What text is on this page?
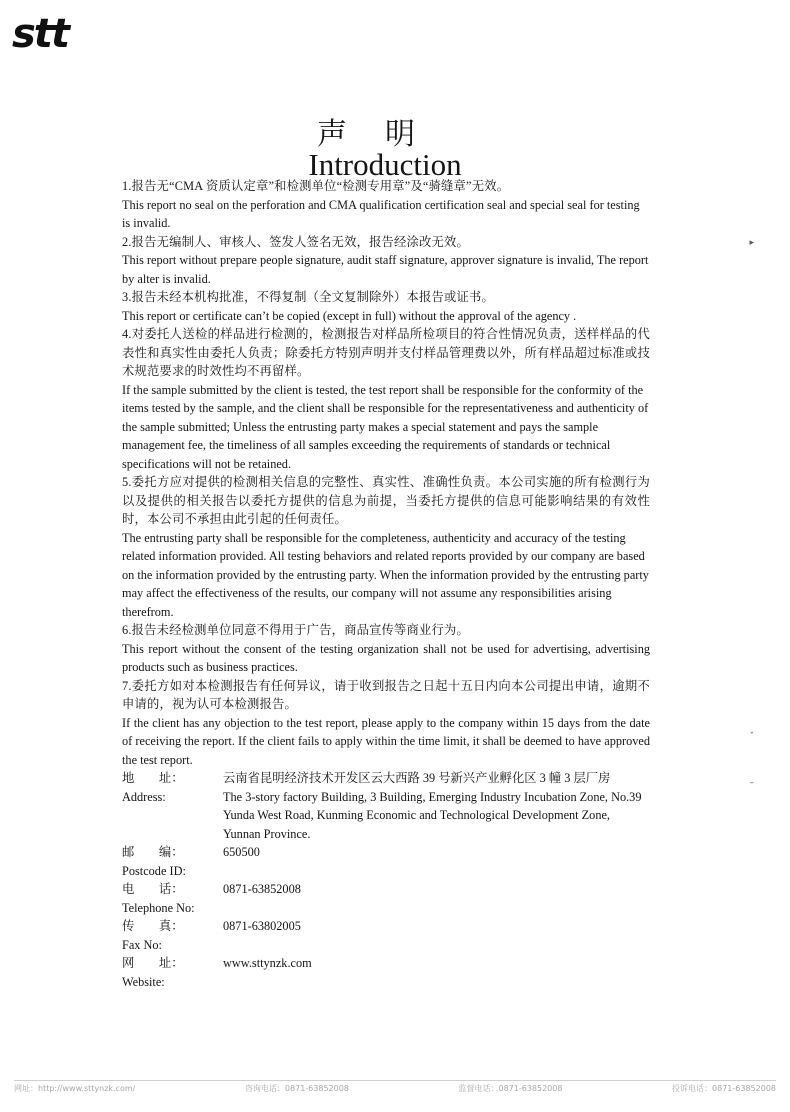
stt
声明
Introduction

1.报告无“CMA 资质认定章”和检测单位“检测专用章”及“骑缝章”无效。

This report no seal on the perforation and CMA qualification certification seal and special seal for testing is invalid.

2.报告无编制人、审核人、签发人签名无效，报告经涂改无效。

This report without prepare people signature, audit staff signature, approver signature is invalid, The report by alter is invalid.

3.报告未经本机构批准，不得复制（全文复制除外）本报告或证书。

This report or certificate can’t be copied (except in full) without the approval of the agency .

4.对委托人送检的样品进行检测的，检测报告对样品所检项目的符合性情况负责，送样样品的代表性和真实性由委托人负责；除委托方特别声明并支付样品管理费以外，所有样品超过标准或技术规范要求的时效性均不再留样。

If the sample submitted by the client is tested, the test report shall be responsible for the conformity of the items tested by the sample, and the client shall be responsible for the representativeness and authenticity of the sample submitted; Unless the entrusting party makes a special statement and pays the sample management fee, the timeliness of all samples exceeding the requirements of standards or technical specifications will not be retained.

5.委托方应对提供的检测相关信息的完整性、真实性、准确性负责。本公司实施的所有检测行为以及提供的相关报告以委托方提供的信息为前提，当委托方提供的信息可能影响结果的有效性时，本公司不承担由此引起的任何责任。

The entrusting party shall be responsible for the completeness, authenticity and accuracy of the testing related information provided. All testing behaviors and related reports provided by our company are based on the information provided by the entrusting party. When the information provided by the entrusting party may affect the effectiveness of the results, our company will not assume any responsibilities arising therefrom.

6.报告未经检测单位同意不得用于广告，商品宣传等商业行为。

This report without the consent of the testing organization shall not be used for advertising, advertising products such as business practices.

7.委托方如对本检测报告有任何异议，请于收到报告之日起十五日内向本公司提出申请，逾期不申请的，视为认可本检测报告。

If the client has any objection to the test report, please apply to the company within 15 days from the date of receiving the report. If the client fails to apply within the time limit, it shall be deemed to have approved the test report.

地　　址：	云南省昆明经济技术开发区云大西路 39 号新兴产业孵化区 3 幢 3 层厂房
Address:	The 3-story factory Building, 3 Building, Emerging Industry Incubation Zone, No.39 Yunda West Road, Kunming Economic and Technological Development Zone, Yunnan Province.
邮　　编：	650500

Postcode ID:

电　　话：	0871-63852008

Telephone No:

传　　真：	0871-63802005

Fax No:

网　　址：	www.sttynzk.com

Website:

▸
ˇ
–
网址：http://www.sttynzk.com/	咨询电话：0871-63852008	监督电话：0871-63852008	投诉电话：0871-63852008
